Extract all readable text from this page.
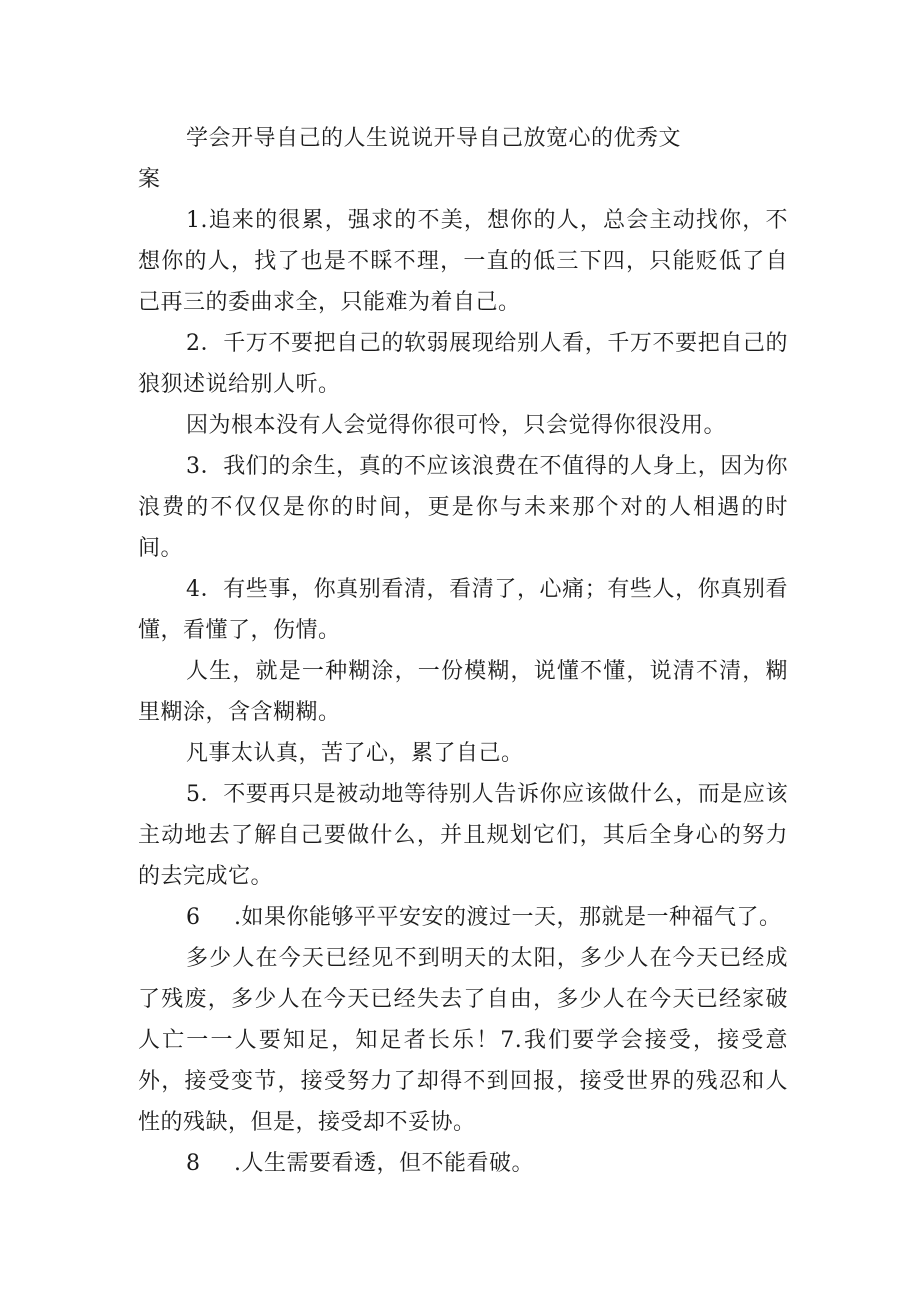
学会开导自己的人生说说开导自己放宽心的优秀文案

1.追来的很累，强求的不美，想你的人，总会主动找你，不想你的人，找了也是不睬不理，一直的低三下四，只能贬低了自己再三的委曲求全，只能难为着自己。

2．千万不要把自己的软弱展现给别人看，千万不要把自己的狼狈述说给别人听。

因为根本没有人会觉得你很可怜，只会觉得你很没用。

3．我们的余生，真的不应该浪费在不值得的人身上，因为你浪费的不仅仅是你的时间，更是你与未来那个对的人相遇的时间。

4．有些事，你真别看清，看清了，心痛；有些人，你真别看懂，看懂了，伤情。

人生，就是一种糊涂，一份模糊，说懂不懂，说清不清，糊里糊涂，含含糊糊。

凡事太认真，苦了心，累了自己。

5．不要再只是被动地等待别人告诉你应该做什么，而是应该主动地去了解自己要做什么，并且规划它们，其后全身心的努力的去完成它。

6 .如果你能够平平安安的渡过一天，那就是一种福气了。

多少人在今天已经见不到明天的太阳，多少人在今天已经成了残废，多少人在今天已经失去了自由，多少人在今天已经家破人亡一一人要知足，知足者长乐！7.我们要学会接受，接受意外，接受变节，接受努力了却得不到回报，接受世界的残忍和人性的残缺，但是，接受却不妥协。

8 .人生需要看透，但不能看破。
